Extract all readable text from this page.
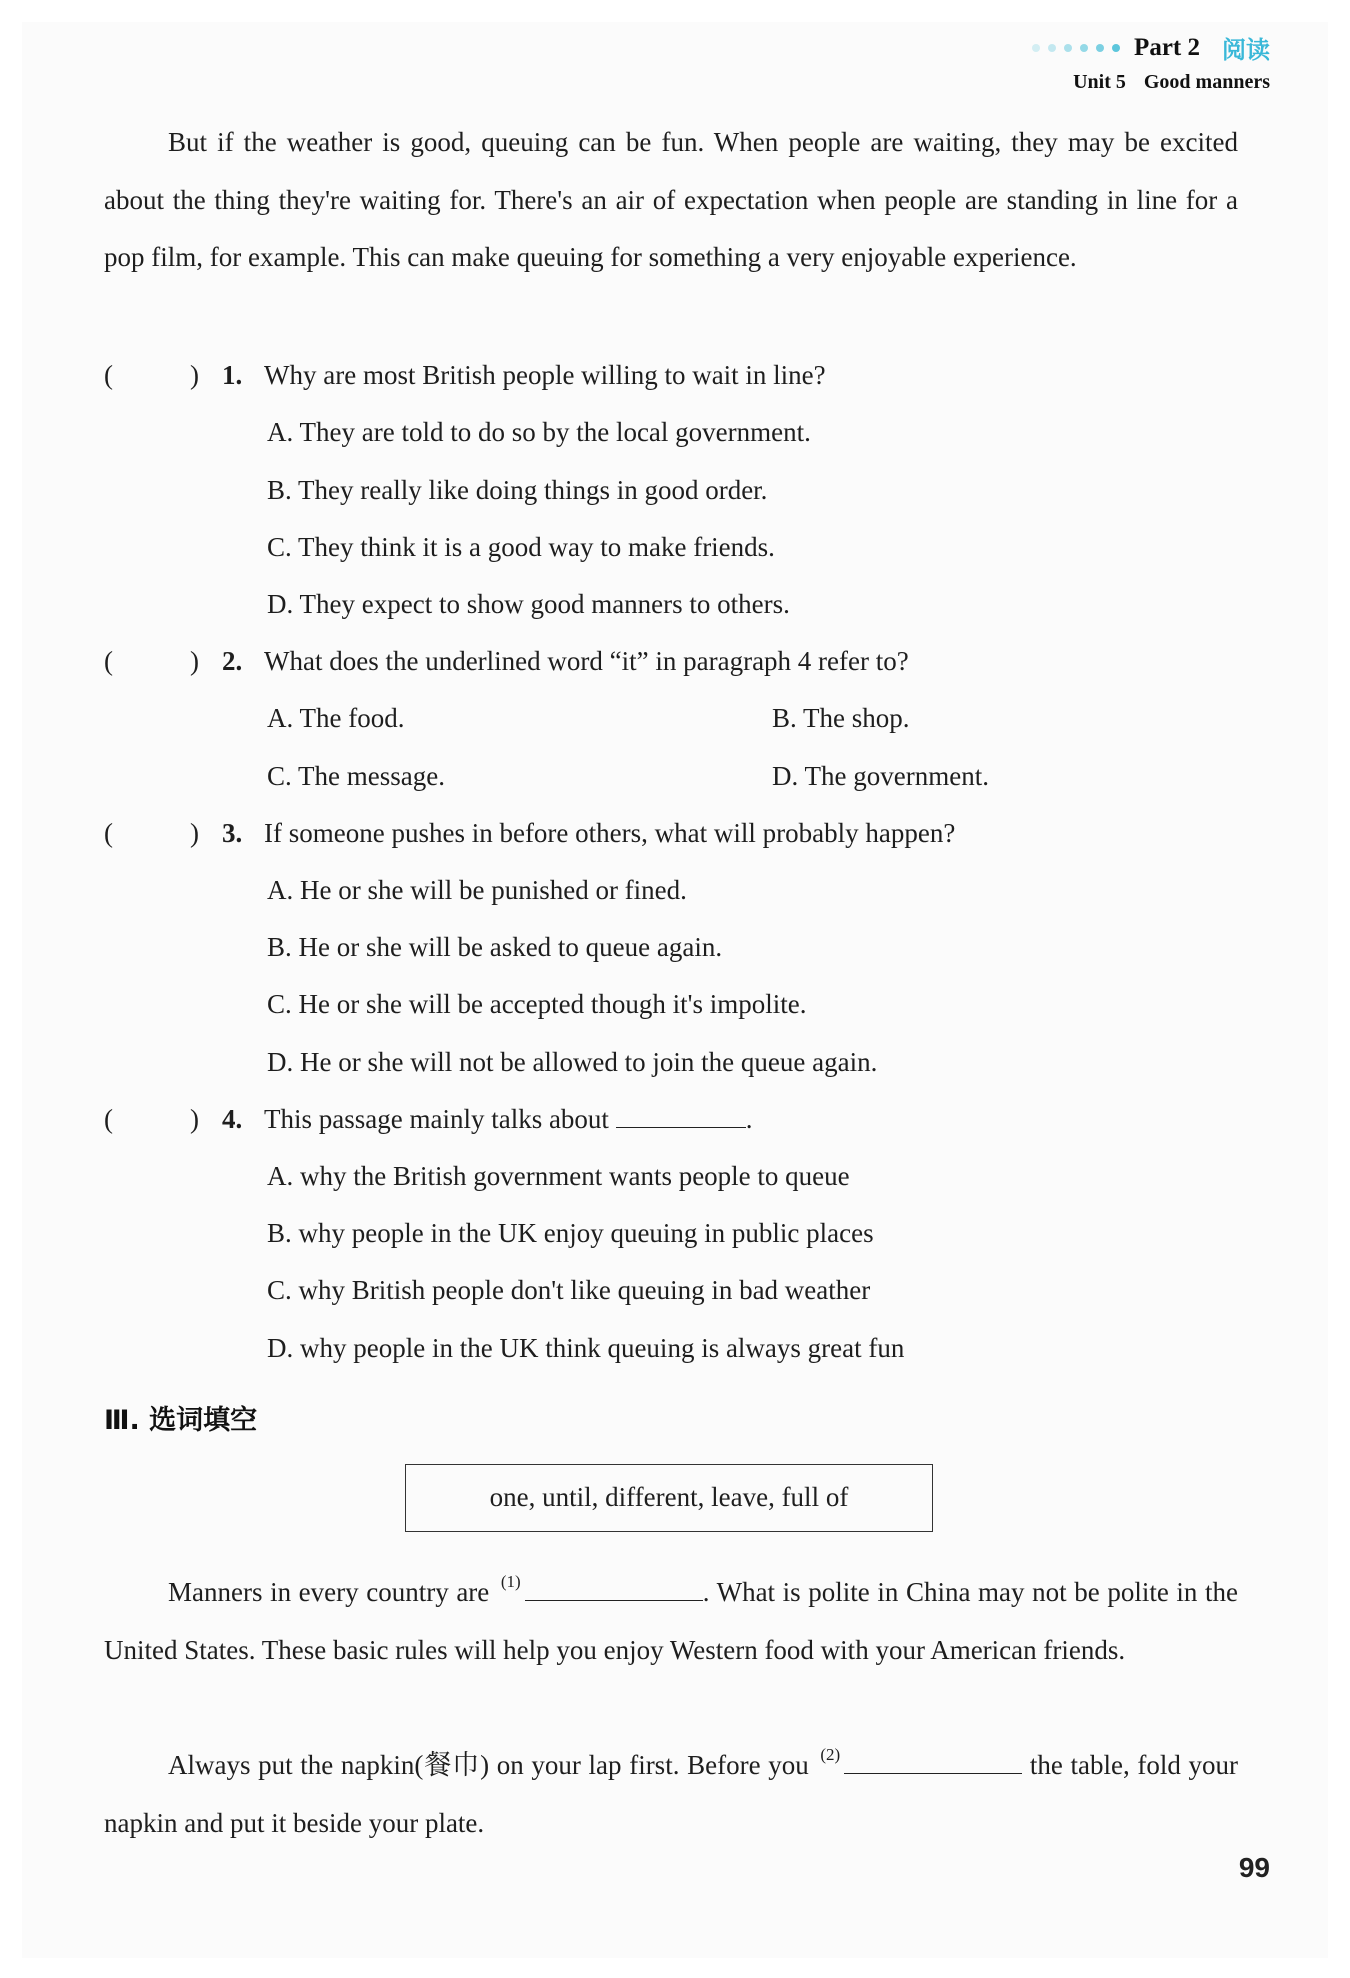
Part 2 阅读
Unit 5 Good manners
But if the weather is good, queuing can be fun. When people are waiting, they may be excited about the thing they're waiting for. There's an air of expectation when people are standing in line for a pop film, for example. This can make queuing for something a very enjoyable experience.
(	) 1. Why are most British people willing to wait in line?
A. They are told to do so by the local government.
B. They really like doing things in good order.
C. They think it is a good way to make friends.
D. They expect to show good manners to others.
(	) 2. What does the underlined word “it” in paragraph 4 refer to?
A. The food.	B. The shop.
C. The message.	D. The government.
(	) 3. If someone pushes in before others, what will probably happen?
A. He or she will be punished or fined.
B. He or she will be asked to queue again.
C. He or she will be accepted though it's impolite.
D. He or she will not be allowed to join the queue again.
(	) 4. This passage mainly talks about	.
A. why the British government wants people to queue
B. why people in the UK enjoy queuing in public places
C. why British people don't like queuing in bad weather
D. why people in the UK think queuing is always great fun
Ⅲ. 选词填空
one, until, different, leave, full of
Manners in every country are $^{(1)}$	. What is polite in China may not be polite in the United States. These basic rules will help you enjoy Western food with your American friends.
Always put the napkin(餐巾) on your lap first. Before you $^{(2)}$	the table, fold your napkin and put it beside your plate.
99
